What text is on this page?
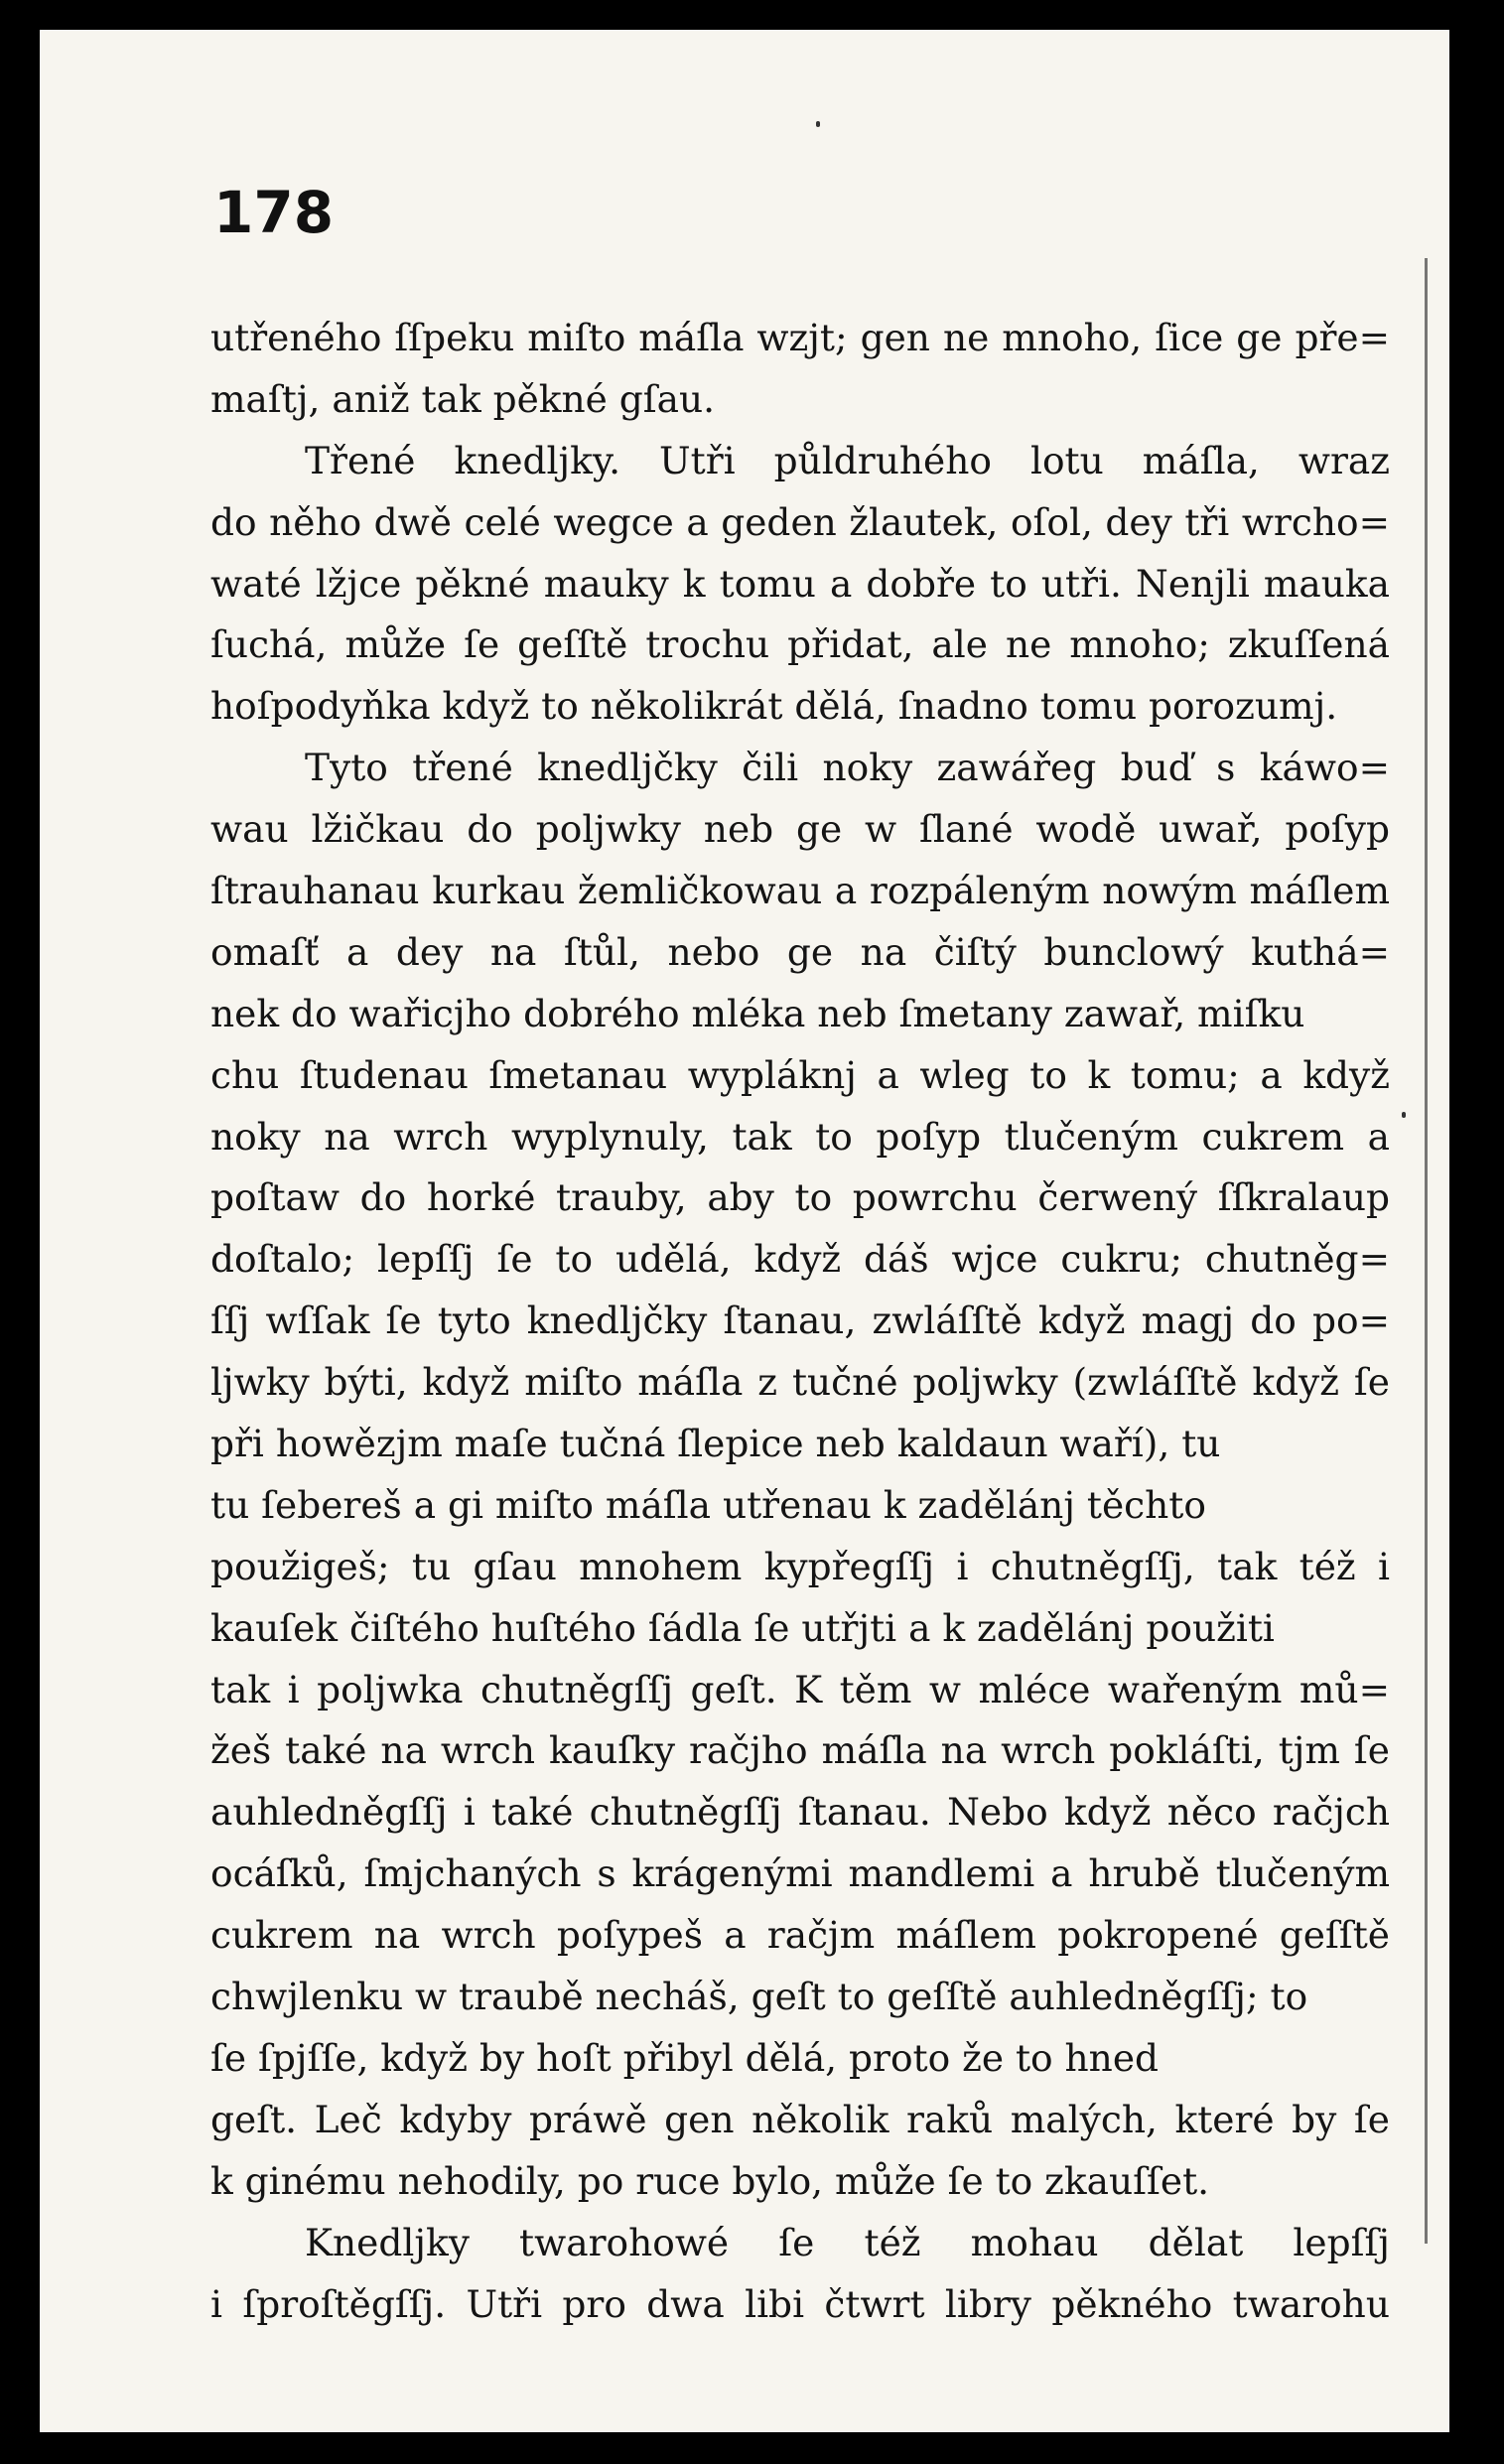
178
utřeného ſſpeku miſto máſla wzjt; gen ne mnoho, ſice ge pře=
maſtj, aniž tak pěkné gſau.
Třené knedljky. Utři půldruhého lotu máſla, wraz
do něho dwě celé wegce a geden žlautek, oſol, dey tři wrcho=
waté lžjce pěkné mauky k tomu a dobře to utři. Nenjli mauka
ſuchá, může ſe geſſtě trochu přidat, ale ne mnoho; zkuſſená
hoſpodyňka když to několikrát dělá, ſnadno tomu porozumj.
Tyto třené knedljčky čili noky zawářeg buď s káwo=
wau lžičkau do poljwky neb ge w ſlané wodě uwař, poſyp
ſtrauhanau kurkau žemličkowau a rozpáleným nowým máſlem
omaſť a dey na ſtůl, nebo ge na čiſtý bunclowý kuthá=
nek do wařicjho dobrého mléka neb ſmetany zawař, miſku
chu ſtudenau ſmetanau wypláknj a wleg to k tomu; a když
noky na wrch wyplynuly, tak to poſyp tlučeným cukrem a
poſtaw do horké trauby, aby to powrchu čerwený ſſkralaup
doſtalo; lepſſj ſe to udělá, když dáš wjce cukru; chutněg=
ſſj wſſak ſe tyto knedljčky ſtanau, zwláſſtě když magj do po=
ljwky býti, když miſto máſla z tučné poljwky (zwláſſtě když ſe
při howězjm maſe tučná ſlepice neb kaldaun waří), tu
tu ſebereš a gi miſto máſla utřenau k zadělánj těchto
použigeš; tu gſau mnohem kypřegſſj i chutněgſſj, tak též i
kauſek čiſtého huſtého ſádla ſe utřjti a k zadělánj použiti
tak i poljwka chutněgſſj geſt. K těm w mléce wařeným mů=
žeš také na wrch kauſky račjho máſla na wrch pokláſti, tjm ſe
auhledněgſſj i také chutněgſſj ſtanau. Nebo když něco račjch
ocáſků, ſmjchaných s krágenými mandlemi a hrubě tlučeným
cukrem na wrch poſypeš a račjm máſlem pokropené geſſtě
chwjlenku w traubě necháš, geſt to geſſtě auhledněgſſj; to
ſe ſpjſſe, když by hoſt přibyl dělá, proto že to hned
geſt. Leč kdyby práwě gen několik raků malých, které by ſe
k ginému nehodily, po ruce bylo, může ſe to zkauſſet.
Knedljky twarohowé ſe též mohau dělat lepſſj
i ſproſtěgſſj. Utři pro dwa libi čtwrt libry pěkného twarohu
